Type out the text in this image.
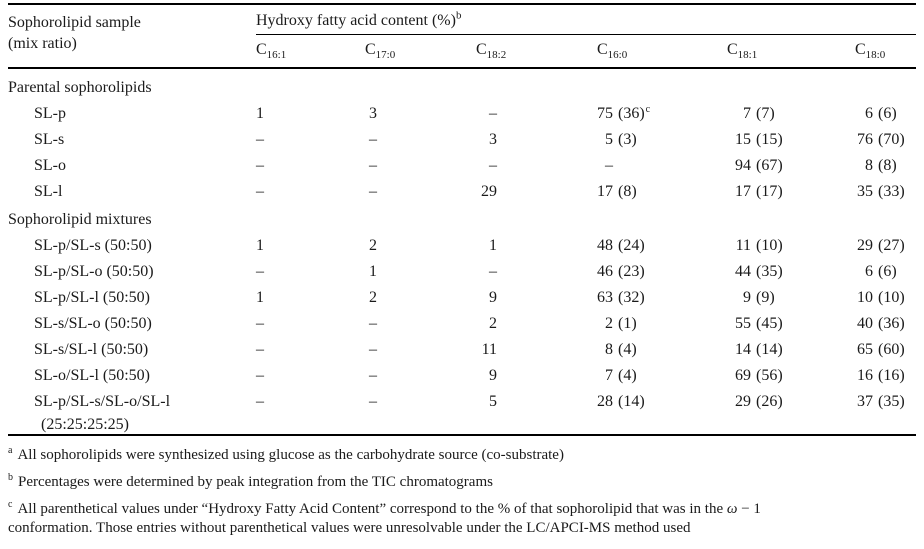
Sophorolipid sample
(mix ratio)	Hydroxy fatty acid content (%)$^b$
	$C_{16:1}$	$C_{17:0}$	$C_{18:2}$	$C_{16:0}$	$C_{18:1}$	$C_{18:0}$
Parental sophorolipids						

SL-p	1	3	–	75 $(36)^c$	7 (7)	6 (6)

SL-s	–	–	3	5 (3)	15 (15)	76 (70)

SL-o	–	–	–	–	94 (67)	8 (8)

SL-l	–	–	29	17 (8)	17 (17)	35 (33)
Sophorolipid mixtures						

SL-p/SL-s (50:50)	1	2	1	48 (24)	11 (10)	29 (27)

SL-p/SL-o (50:50)	–	1	–	46 (23)	44 (35)	6 (6)

SL-p/SL-l (50:50)	1	2	9	63 (32)	9 (9)	10 (10)

SL-s/SL-o (50:50)	–	–	2	2 (1)	55 (45)	40 (36)

SL-s/SL-l (50:50)	–	–	11	8 (4)	14 (14)	65 (60)

SL-o/SL-l (50:50)	–	–	9	7 (4)	69 (56)	16 (16)

SL-p/SL-s/SL-o/SL-l
(25:25:25:25)	–	–	5	28 (14)	29 (26)	37 (35)
$^a$ All sophorolipids were synthesized using glucose as the carbohydrate source (co-substrate)
$^b$ Percentages were determined by peak integration from the TIC chromatograms
$^c$ All parenthetical values under “Hydroxy Fatty Acid Content” correspond to the % of that sophorolipid that was in the ω − 1
conformation. Those entries without parenthetical values were unresolvable under the LC/APCI-MS method used
